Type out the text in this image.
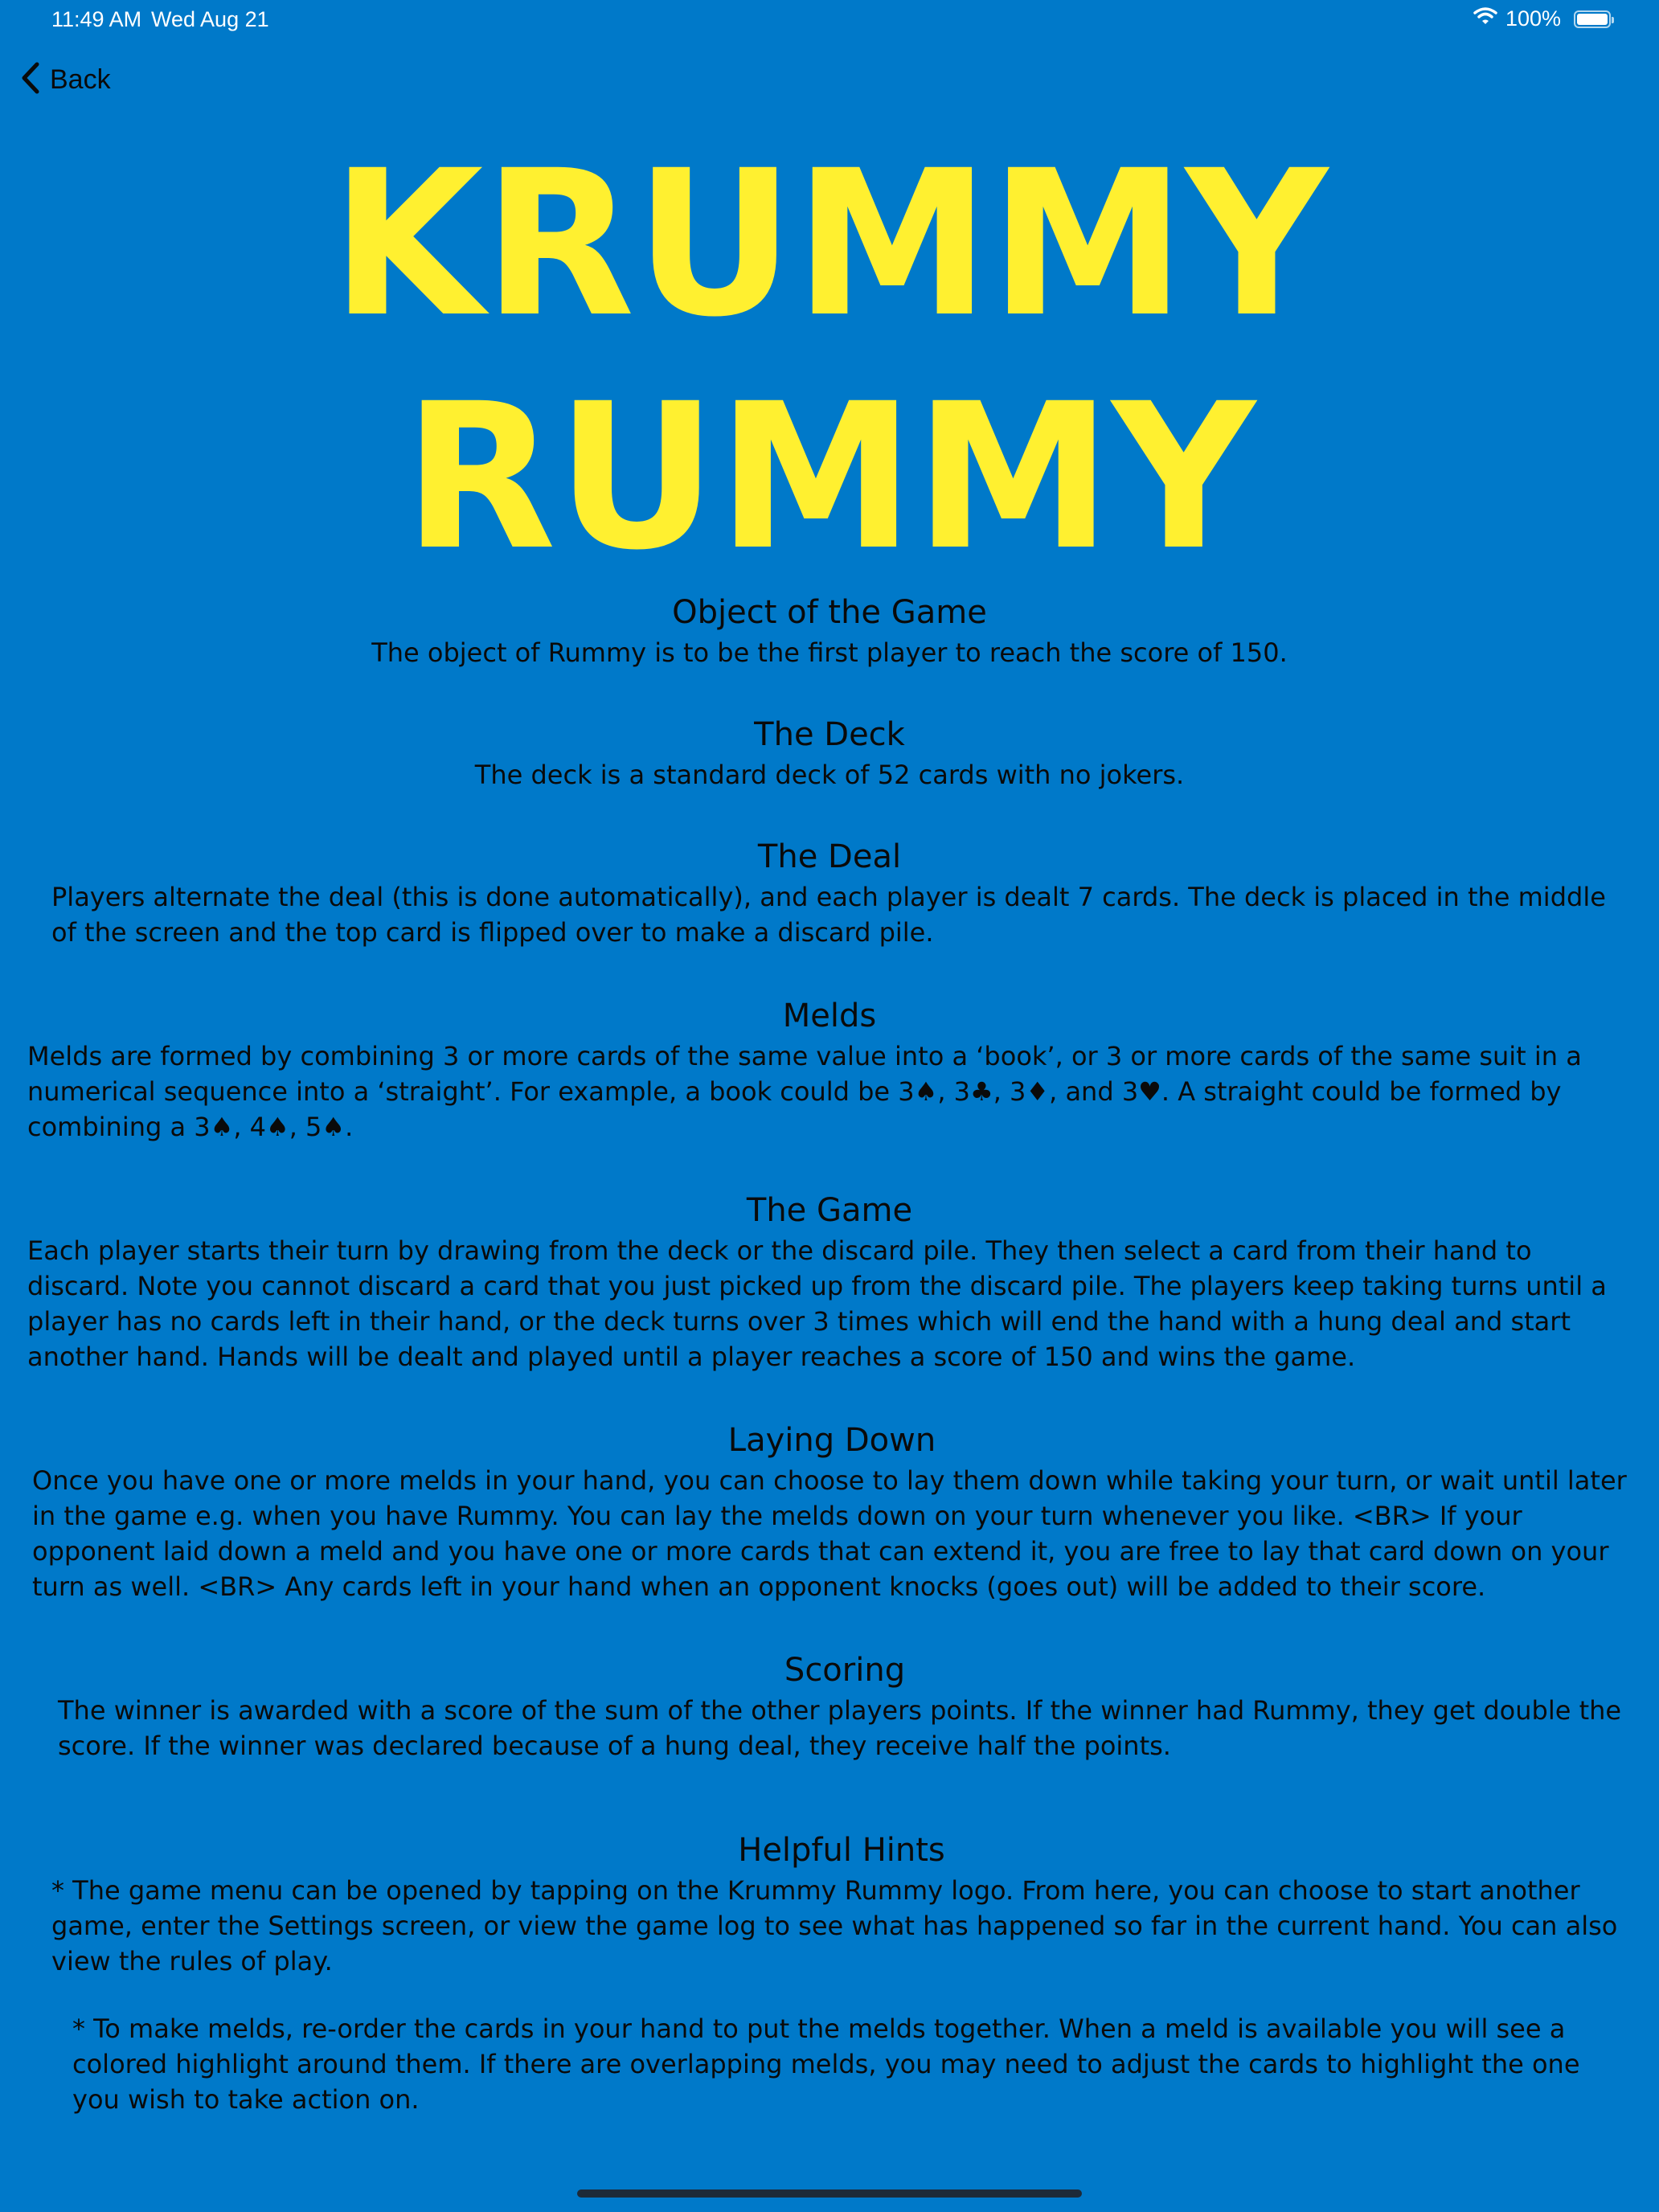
11:49 AM Wed Aug 21	100%
Back
KRUMMY
RUMMY
Object of the Game

The object of Rummy is to be the first player to reach the score of 150.

The Deck

The deck is a standard deck of 52 cards with no jokers.

The Deal

Players alternate the deal (this is done automatically), and each player is dealt 7 cards. The deck is placed in the middle of the screen and the top card is flipped over to make a discard pile.

Melds

Melds are formed by combining 3 or more cards of the same value into a ‘book’, or 3 or more cards of the same suit in a numerical sequence into a ‘straight’. For example, a book could be 3♠, 3♣, 3♦, and 3♥. A straight could be formed by combining a 3♠, 4♠, 5♠.

The Game

Each player starts their turn by drawing from the deck or the discard pile. They then select a card from their hand to discard. Note you cannot discard a card that you just picked up from the discard pile. The players keep taking turns until a player has no cards left in their hand, or the deck turns over 3 times which will end the hand with a hung deal and start another hand. Hands will be dealt and played until a player reaches a score of 150 and wins the game.

Laying Down

Once you have one or more melds in your hand, you can choose to lay them down while taking your turn, or wait until later in the game e.g. when you have Rummy. You can lay the melds down on your turn whenever you like. <BR> If your opponent laid down a meld and you have one or more cards that can extend it, you are free to lay that card down on your turn as well. <BR> Any cards left in your hand when an opponent knocks (goes out) will be added to their score.

Scoring

The winner is awarded with a score of the sum of the other players points. If the winner had Rummy, they get double the score. If the winner was declared because of a hung deal, they receive half the points.

Helpful Hints

* The game menu can be opened by tapping on the Krummy Rummy logo. From here, you can choose to start another game, enter the Settings screen, or view the game log to see what has happened so far in the current hand. You can also view the rules of play.

* To make melds, re-order the cards in your hand to put the melds together. When a meld is available you will see a colored highlight around them. If there are overlapping melds, you may need to adjust the cards to highlight the one you wish to take action on.
